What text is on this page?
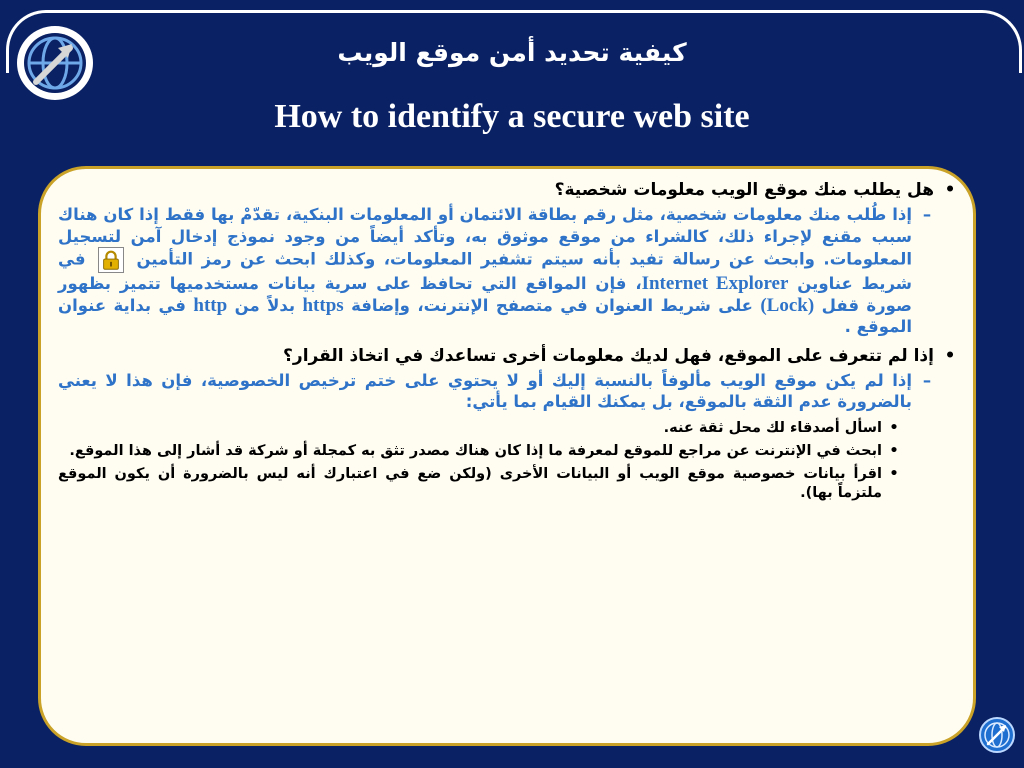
كيفية تحديد أمن موقع الويب
How to identify a secure web site
•
هل يطلب منك موقع الويب معلومات شخصية؟
–
إذا طُلب منك معلومات شخصية، مثل رقم بطاقة الائتمان أو المعلومات البنكية، تقدّمْ بها فقط إذا كان هناك سبب مقنع لإجراء ذلك، كالشراء من موقع موثوق به، وتأكد أيضاً من وجود نموذج إدخال آمن لتسجيل المعلومات. وابحث عن رسالة تفيد بأنه سيتم تشفير المعلومات، وكذلك ابحث عن رمز التأمين  في شريط عناوين Internet Explorer، فإن المواقع التي تحافظ على سرية بيانات مستخدميها تتميز بظهور صورة قفل (Lock) على شريط العنوان في متصفح الإنترنت، وإضافة https بدلاً من http في بداية عنوان الموقع .
•
إذا لم تتعرف على الموقع، فهل لديك معلومات أخرى تساعدك في اتخاذ القرار؟
–
إذا لم يكن موقع الويب مألوفاً بالنسبة إليك أو لا يحتوي على ختم ترخيص الخصوصية، فإن هذا لا يعني بالضرورة عدم الثقة بالموقع، بل يمكنك القيام بما يأتي:
•
اسأل أصدقاء لك محل ثقة عنه.
•
ابحث في الإنترنت عن مراجع للموقع لمعرفة ما إذا كان هناك مصدر تثق به كمجلة أو شركة قد أشار إلى هذا الموقع.
•
اقرأ بيانات خصوصية موقع الويب أو البيانات الأخرى (ولكن ضع في اعتبارك أنه ليس بالضرورة أن يكون الموقع ملتزماً بها).
